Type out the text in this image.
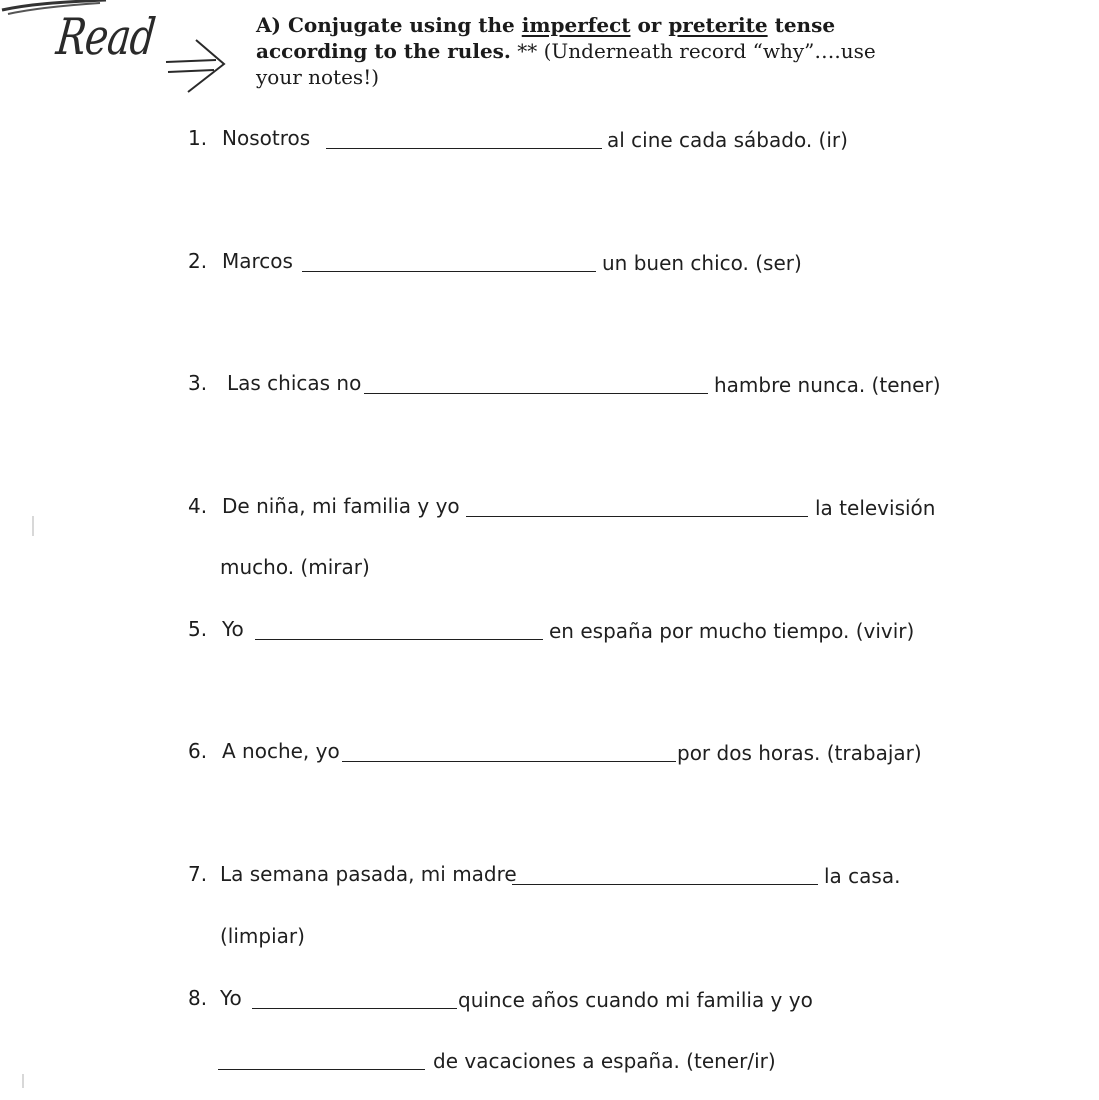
Read	A) Conjugate using the imperfect or preterite tense
according to the rules. ** (Underneath record “why”….use
your notes!)
1. Nosotros	al cine cada sábado. (ir)
2. Marcos	un buen chico. (ser)
3. Las chicas no	hambre nunca. (tener)
4. De niña, mi familia y yo	la televisión
mucho. (mirar)
5. Yo	en españa por mucho tiempo. (vivir)
6. A noche, yo	por dos horas. (trabajar)
7. La semana pasada, mi madre	la casa.
(limpiar)
8. Yo	quince años cuando mi familia y yo
de vacaciones a españa. (tener/ir)
